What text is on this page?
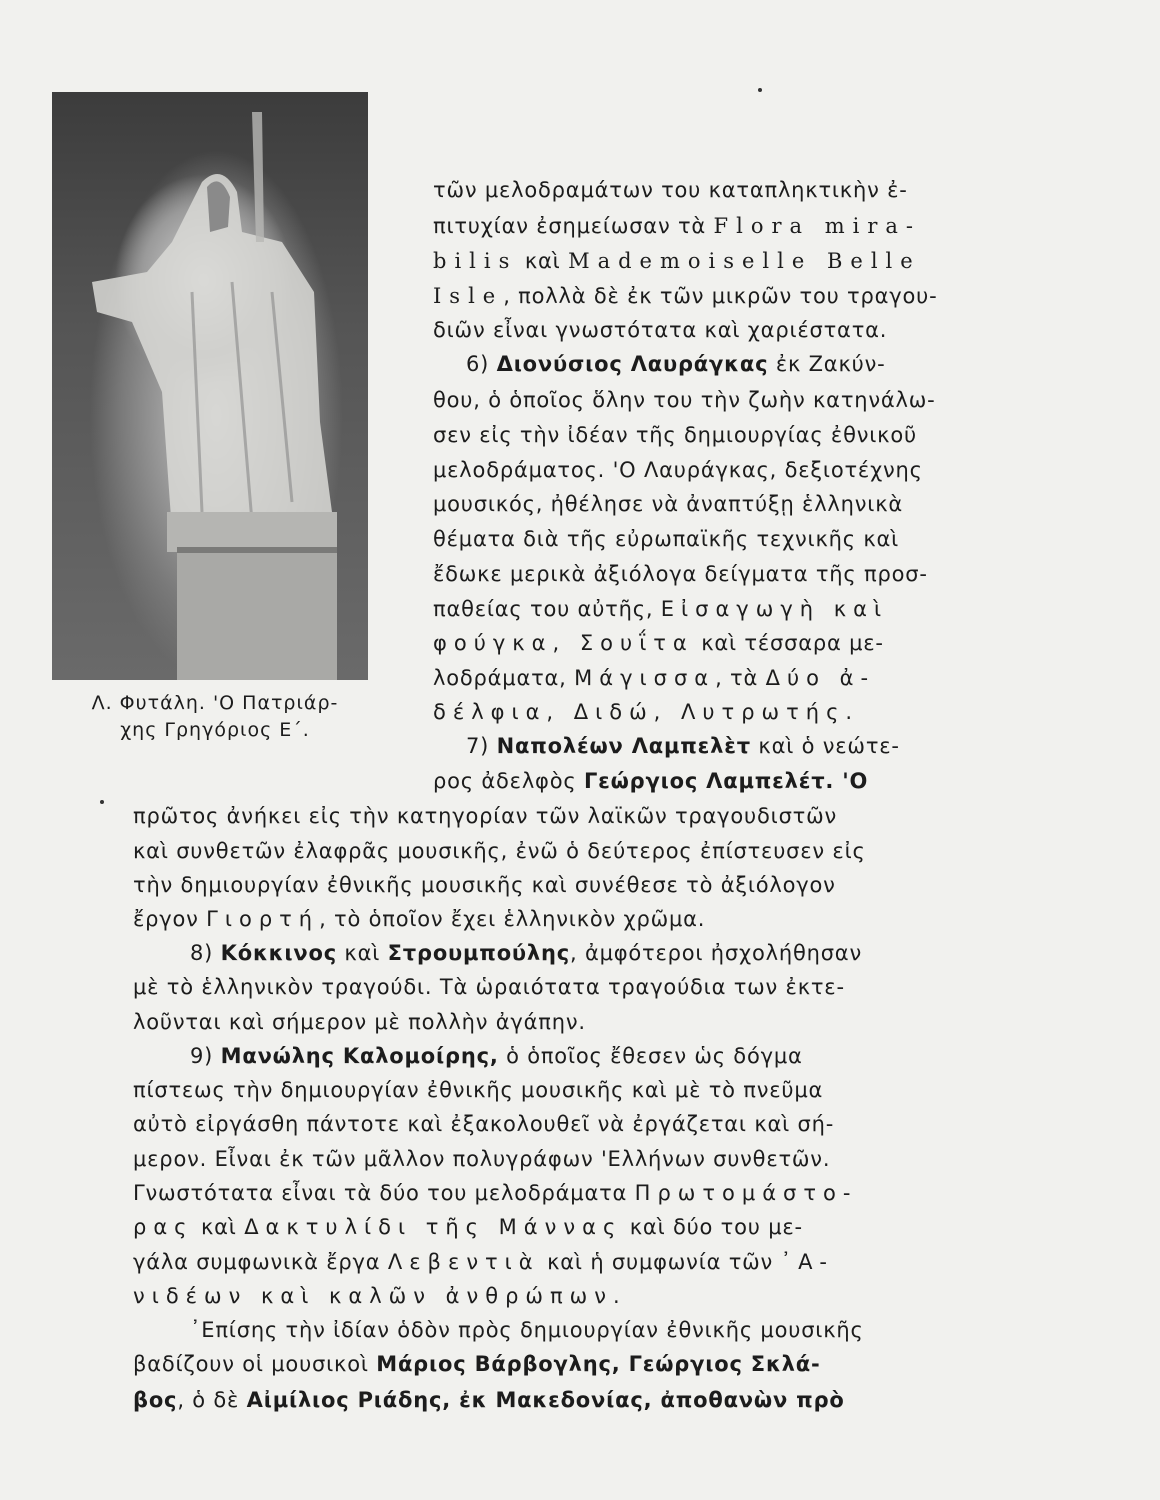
Λ. Φυτάλη. 'Ο Πατριάρ-
χης Γρηγόριος Ε΄.
τῶν μελοδραμάτων του καταπληκτικὴν ἐ-
πιτυχίαν ἐσημείωσαν τὰ Flora mira-
bilis καὶ Mademoiselle Belle
Isle, πολλὰ δὲ ἐκ τῶν μικρῶν του τραγου-
διῶν εἶναι γνωστότατα καὶ χαριέστατα.
6) Διονύσιος Λαυράγκας ἐκ Ζακύν-
θου, ὁ ὁποῖος ὅλην του τὴν ζωὴν κατηνάλω-
σεν εἰς τὴν ἰδέαν τῆς δημιουργίας ἐθνικοῦ
μελοδράματος. 'Ο Λαυράγκας, δεξιοτέχνης
μουσικός, ἠθέλησε νὰ ἀναπτύξῃ ἑλληνικὰ
θέματα διὰ τῆς εὐρωπαϊκῆς τεχνικῆς καὶ
ἔδωκε μερικὰ ἀξιόλογα δείγματα τῆς προσ-
παθείας του αὐτῆς, Εἰσαγωγὴ καὶ
φούγκα, Σουΐτα καὶ τέσσαρα με-
λοδράματα, Μάγισσα, τὰ Δύο ἀ-
δέλφια, Διδώ, Λυτρωτής.
7) Ναπολέων Λαμπελὲτ καὶ ὁ νεώτε-
ρος ἀδελφὸς Γεώργιος Λαμπελέτ. 'Ο
πρῶτος ἀνήκει εἰς τὴν κατηγορίαν τῶν λαϊκῶν τραγουδιστῶν
καὶ συνθετῶν ἐλαφρᾶς μουσικῆς, ἐνῶ ὁ δεύτερος ἐπίστευσεν εἰς
τὴν δημιουργίαν ἐθνικῆς μουσικῆς καὶ συνέθεσε τὸ ἀξιόλογον
ἔργον Γιορτή, τὸ ὁποῖον ἔχει ἑλληνικὸν χρῶμα.
8) Κόκκινος καὶ Στρουμπούλης, ἀμφότεροι ἠσχολήθησαν
μὲ τὸ ἑλληνικὸν τραγούδι. Τὰ ὡραιότατα τραγούδια των ἐκτε-
λοῦνται καὶ σήμερον μὲ πολλὴν ἀγάπην.
9) Μανώλης Καλομοίρης, ὁ ὁποῖος ἔθεσεν ὡς δόγμα
πίστεως τὴν δημιουργίαν ἐθνικῆς μουσικῆς καὶ μὲ τὸ πνεῦμα
αὐτὸ εἰργάσθη πάντοτε καὶ ἐξακολουθεῖ νὰ ἐργάζεται καὶ σή-
μερον. Εἶναι ἐκ τῶν μᾶλλον πολυγράφων 'Ελλήνων συνθετῶν.
Γνωστότατα εἶναι τὰ δύο του μελοδράματα Πρωτομάστο-
ρας καὶ Δακτυλίδι τῆς Μάννας καὶ δύο του με-
γάλα συμφωνικὰ ἔργα Λεβεντιὰ καὶ ἡ συμφωνία τῶν ᾿Α-
νιδέων καὶ καλῶν ἀνθρώπων.
᾿Επίσης τὴν ἰδίαν ὁδὸν πρὸς δημιουργίαν ἐθνικῆς μουσικῆς
βαδίζουν οἱ μουσικοὶ Μάριος Βάρβογλης, Γεώργιος Σκλά-
βος, ὁ δὲ Αἰμίλιος Ριάδης, ἐκ Μακεδονίας, ἀποθανὼν πρὸ
